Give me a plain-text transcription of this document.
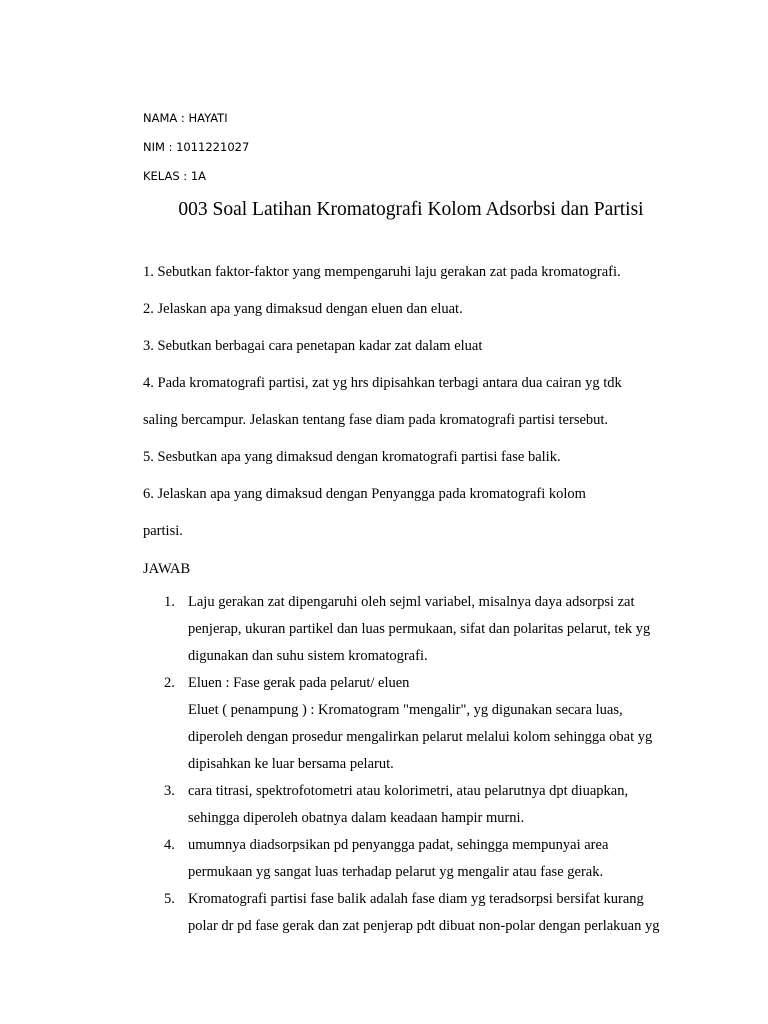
NAMA : HAYATI
NIM : 1011221027
KELAS : 1A
003 Soal Latihan Kromatografi Kolom Adsorbsi dan Partisi
1. Sebutkan faktor-faktor yang mempengaruhi laju gerakan zat pada kromatografi.
2. Jelaskan apa yang dimaksud dengan eluen dan eluat.
3. Sebutkan berbagai cara penetapan kadar zat dalam eluat
4. Pada kromatografi partisi, zat yg hrs dipisahkan terbagi antara dua cairan yg tdk
saling bercampur. Jelaskan tentang fase diam pada kromatografi partisi tersebut.
5. Sesbutkan apa yang dimaksud dengan kromatografi partisi fase balik.
6. Jelaskan apa yang dimaksud dengan Penyangga pada kromatografi kolom
partisi.
JAWAB
1. Laju gerakan zat dipengaruhi oleh sejml variabel, misalnya daya adsorpsi zat
penjerap, ukuran partikel dan luas permukaan, sifat dan polaritas pelarut, tek yg
digunakan dan suhu sistem kromatografi.
2. Eluen : Fase gerak pada pelarut/ eluen
Eluet ( penampung ) : Kromatogram "mengalir", yg digunakan secara luas,
diperoleh dengan prosedur mengalirkan pelarut melalui kolom sehingga obat yg
dipisahkan ke luar bersama pelarut.
3. cara titrasi, spektrofotometri atau kolorimetri, atau pelarutnya dpt diuapkan,
sehingga diperoleh obatnya dalam keadaan hampir murni.
4. umumnya diadsorpsikan pd penyangga padat, sehingga mempunyai area
permukaan yg sangat luas terhadap pelarut yg mengalir atau fase gerak.
5. Kromatografi partisi fase balik adalah fase diam yg teradsorpsi bersifat kurang
polar dr pd fase gerak dan zat penjerap pdt dibuat non-polar dengan perlakuan yg
